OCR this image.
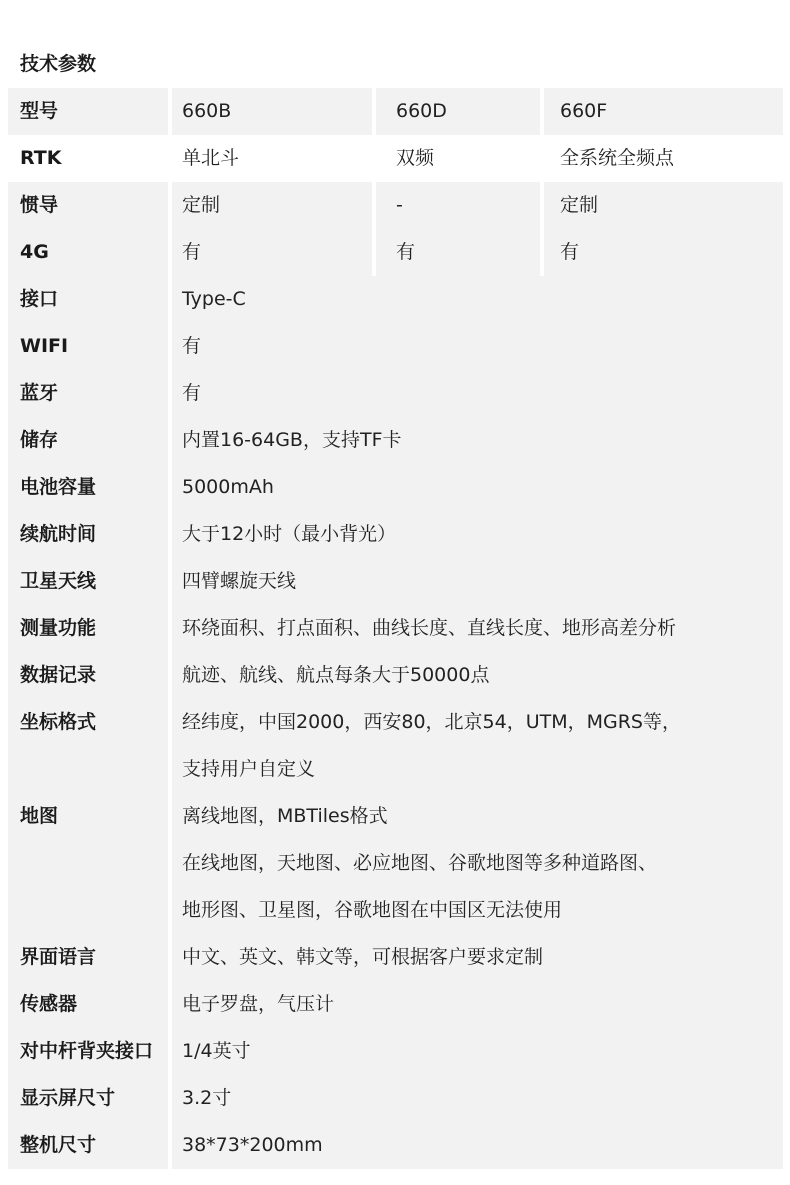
技术参数
型号	660B	660D	660F
RTK	单北斗	双频	全系统全频点
惯导	定制	-	定制
4G	有	有	有
接口	Type-C
WIFI	有
蓝牙	有
储存	内置16-64GB，支持TF卡
电池容量	5000mAh
续航时间	大于12小时（最小背光）
卫星天线	四臂螺旋天线
测量功能	环绕面积、打点面积、曲线长度、直线长度、地形高差分析
数据记录	航迹、航线、航点每条大于50000点
坐标格式	经纬度，中国2000，西安80，北京54，UTM，MGRS等，
支持用户自定义
地图	离线地图，MBTiles格式
在线地图，天地图、必应地图、谷歌地图等多种道路图、
地形图、卫星图，谷歌地图在中国区无法使用
界面语言	中文、英文、韩文等，可根据客户要求定制
传感器	电子罗盘，气压计
对中杆背夹接口	1/4英寸
显示屏尺寸	3.2寸
整机尺寸	38*73*200mm
